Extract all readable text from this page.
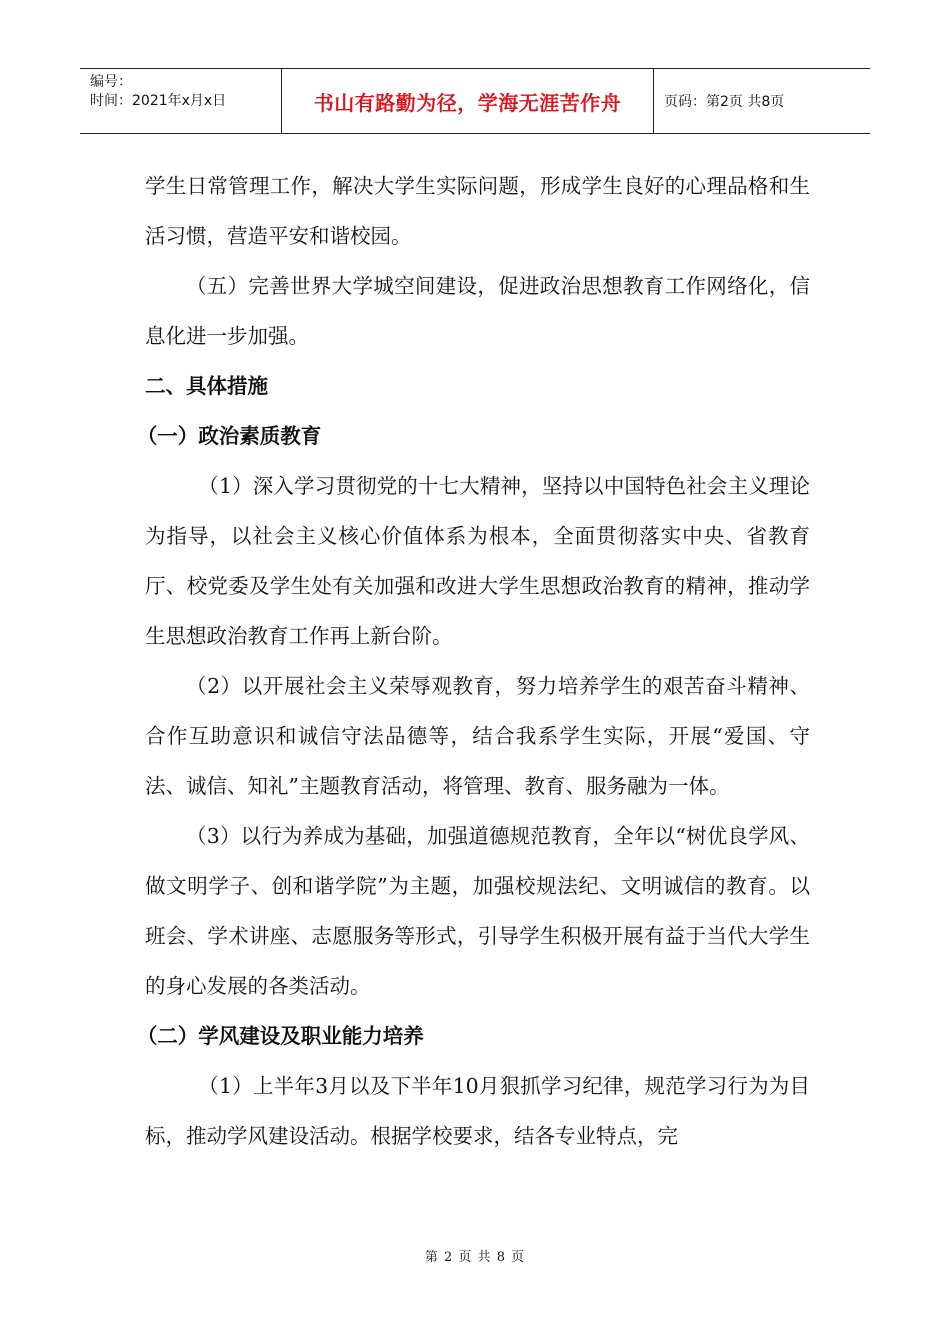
编号：
时间：2021年x月x日	书山有路勤为径，学海无涯苦作舟	页码：第2页 共8页

学生日常管理工作，解决大学生实际问题，形成学生良好的心理品格和生活习惯，营造平安和谐校园。

（五）完善世界大学城空间建设，促进政治思想教育工作网络化，信息化进一步加强。

二、具体措施

（一）政治素质教育

（1）深入学习贯彻党的十七大精神，坚持以中国特色社会主义理论为指导，以社会主义核心价值体系为根本，全面贯彻落实中央、省教育厅、校党委及学生处有关加强和改进大学生思想政治教育的精神，推动学生思想政治教育工作再上新台阶。

（2）以开展社会主义荣辱观教育，努力培养学生的艰苦奋斗精神、合作互助意识和诚信守法品德等，结合我系学生实际，开展“爱国、守法、诚信、知礼”主题教育活动，将管理、教育、服务融为一体。

（3）以行为养成为基础，加强道德规范教育，全年以“树优良学风、做文明学子、创和谐学院”为主题，加强校规法纪、文明诚信的教育。以班会、学术讲座、志愿服务等形式，引导学生积极开展有益于当代大学生的身心发展的各类活动。

（二）学风建设及职业能力培养

（1）上半年3月以及下半年10月狠抓学习纪律，规范学习行为为目标，推动学风建设活动。根据学校要求，结各专业特点，完

第 2 页 共 8 页
